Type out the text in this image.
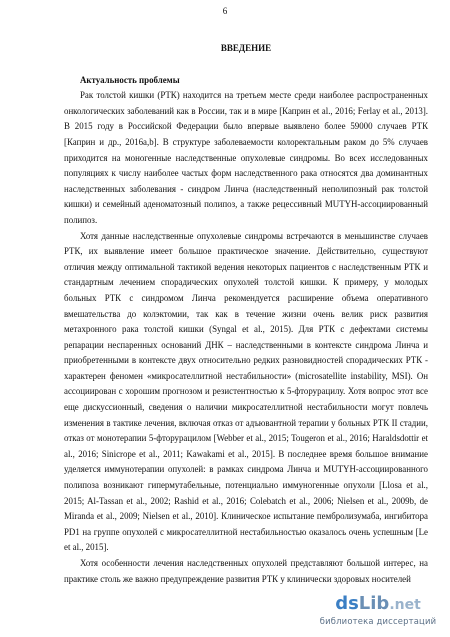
6
ВВЕДЕНИЕ
Актуальность проблемы

Рак толстой кишки (РТК) находится на третьем месте среди наиболее распространенных онкологических заболеваний как в России, так и в мире [Каприн et al., 2016; Ferlay et al., 2013]. В 2015 году в Российской Федерации было впервые выявлено более 59000 случаев РТК [Каприн и др., 2016a,b]. В структуре заболеваемости колоректальным раком до 5% случаев приходится на моногенные наследственные опухолевые синдромы. Во всех исследованных популяциях к числу наиболее частых форм наследственного рака относятся два доминантных наследственных заболевания - синдром Линча (наследственный неполипозный рак толстой кишки) и семейный аденоматозный полипоз, а также рецессивный MUTYH-ассоциированный полипоз.

Хотя данные наследственные опухолевые синдромы встречаются в меньшинстве случаев РТК, их выявление имеет большое практическое значение. Действительно, существуют отличия между оптимальной тактикой ведения некоторых пациентов с наследственным РТК и стандартным лечением спорадических опухолей толстой кишки. К примеру, у молодых больных РТК с синдромом Линча рекомендуется расширение объема оперативного вмешательства до колэктомии, так как в течение жизни очень велик риск развития метахронного рака толстой кишки (Syngal et al., 2015). Для РТК с дефектами системы репарации неспаренных оснований ДНК – наследственными в контексте синдрома Линча и приобретенными в контексте двух относительно редких разновидностей спорадических РТК - характерен феномен «микросателлитной нестабильности» (microsatellite instability, MSI). Он ассоциирован с хорошим прогнозом и резистентностью к 5-фторурацилу. Хотя вопрос этот все еще дискуссионный, сведения о наличии микросателлитной нестабильности могут повлечь изменения в тактике лечения, включая отказ от адъювантной терапии у больных РТК II стадии, отказ от монотерапии 5-фторурацилом [Webber et al., 2015; Tougeron et al., 2016; Haraldsdottir et al., 2016; Sinicrope et al., 2011; Kawakami et al., 2015]. В последнее время большое внимание уделяется иммунотерапии опухолей: в рамках синдрома Линча и MUTYH-ассоциированного полипоза возникают гипермутабельные, потенциально иммуногенные опухоли [Llosa et al., 2015; Al-Tassan et al., 2002; Rashid et al., 2016; Colebatch et al., 2006; Nielsen et al., 2009b, de Miranda et al., 2009; Nielsen et al., 2010]. Клиническое испытание пембролизумаба, ингибитора PD1 на группе опухолей с микросателлитной нестабильностью оказалось очень успешным [Le et al., 2015].

Хотя особенности лечения наследственных опухолей представляют большой интерес, на практике столь же важно предупреждение развития РТК у клинически здоровых носителей

dsLib.net
библиотека диссертаций
